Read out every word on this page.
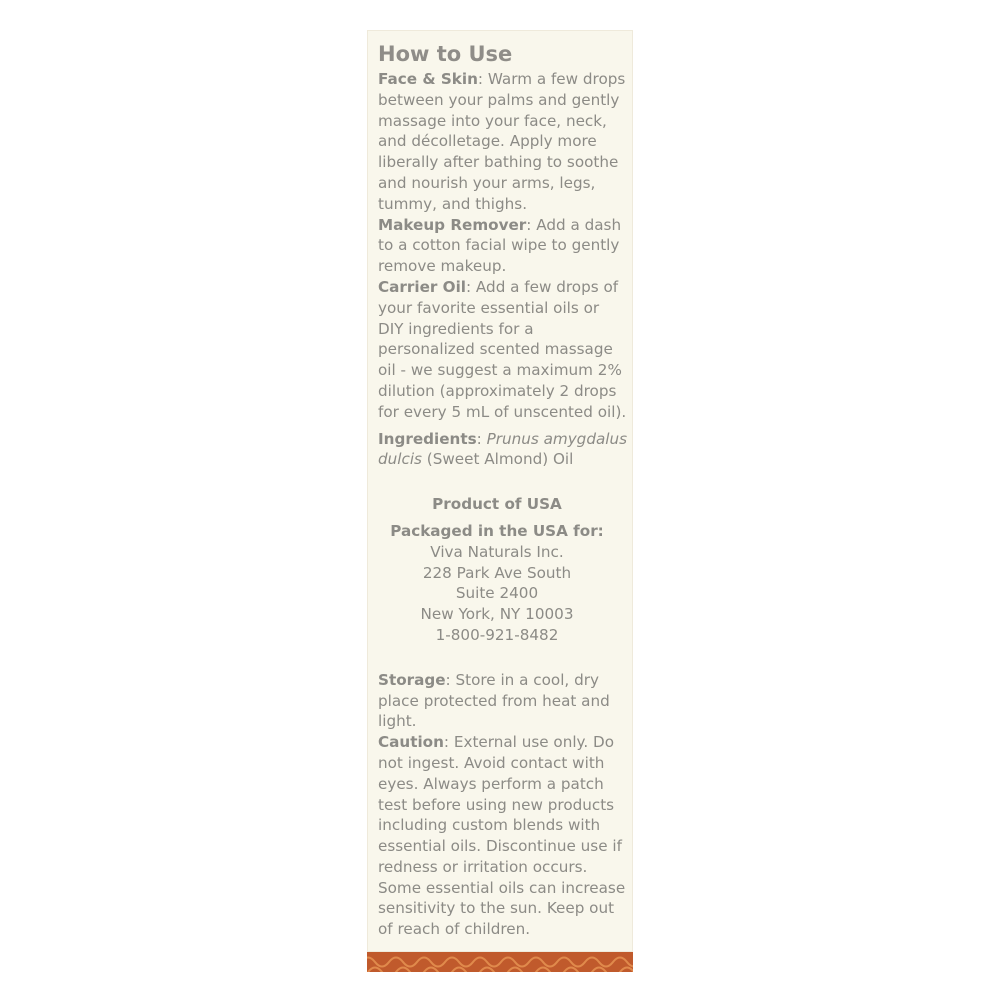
How to Use

Face & Skin: Warm a few drops between your palms and gently massage into your face, neck, and décolletage. Apply more liberally after bathing to soothe and nourish your arms, legs, tummy, and thighs.

Makeup Remover: Add a dash to a cotton facial wipe to gently remove makeup.

Carrier Oil: Add a few drops of your favorite essential oils or DIY ingredients for a personalized scented massage oil - we suggest a maximum 2% dilution (approximately 2 drops for every 5 mL of unscented oil).

Ingredients: Prunus amygdalus dulcis (Sweet Almond) Oil

Product of USA
Packaged in the USA for:
Viva Naturals Inc.
228 Park Ave South
Suite 2400
New York, NY 10003
1-800-921-8482

Storage: Store in a cool, dry place protected from heat and light.

Caution: External use only. Do not ingest. Avoid contact with eyes. Always perform a patch test before using new products including custom blends with essential oils. Discontinue use if redness or irritation occurs. Some essential oils can increase sensitivity to the sun. Keep out of reach of children.
